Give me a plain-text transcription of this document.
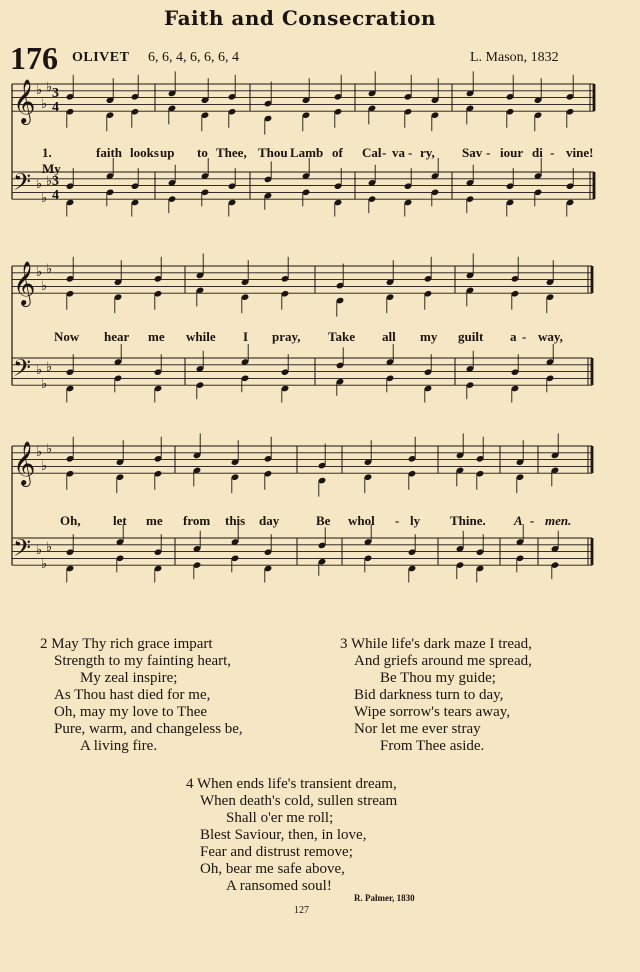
Faith and Consecration
176 OLIVET 6, 6, 4, 6, 6, 6, 4	L. Mason, 1832
𝄞 ♭
♭
♭ 3
4
𝄢 ♭
♭
♭ 3
4
𝄞 ♭
♭
♭
𝄢 ♭
♭
♭
𝄞 ♭
♭
♭
𝄢 ♭
♭
♭
1. My
faith looks up to Thee, Thou Lamb of Cal - va - ry, Sav - iour di - vine!
Now hear me while I pray, Take all my guilt a - way,
Oh, let me from this day	Be whol - ly Thine. A - men.
2 May Thy rich grace impart
Strength to my fainting heart,
My zeal inspire;
As Thou hast died for me,
Oh, may my love to Thee
Pure, warm, and changeless be,
A living fire.
3 While life's dark maze I tread,
And griefs around me spread,
Be Thou my guide;
Bid darkness turn to day,
Wipe sorrow's tears away,
Nor let me ever stray
From Thee aside.
4 When ends life's transient dream,
When death's cold, sullen stream
Shall o'er me roll;
Blest Saviour, then, in love,
Fear and distrust remove;
Oh, bear me safe above,
A ransomed soul!
R. Palmer, 1830
127
